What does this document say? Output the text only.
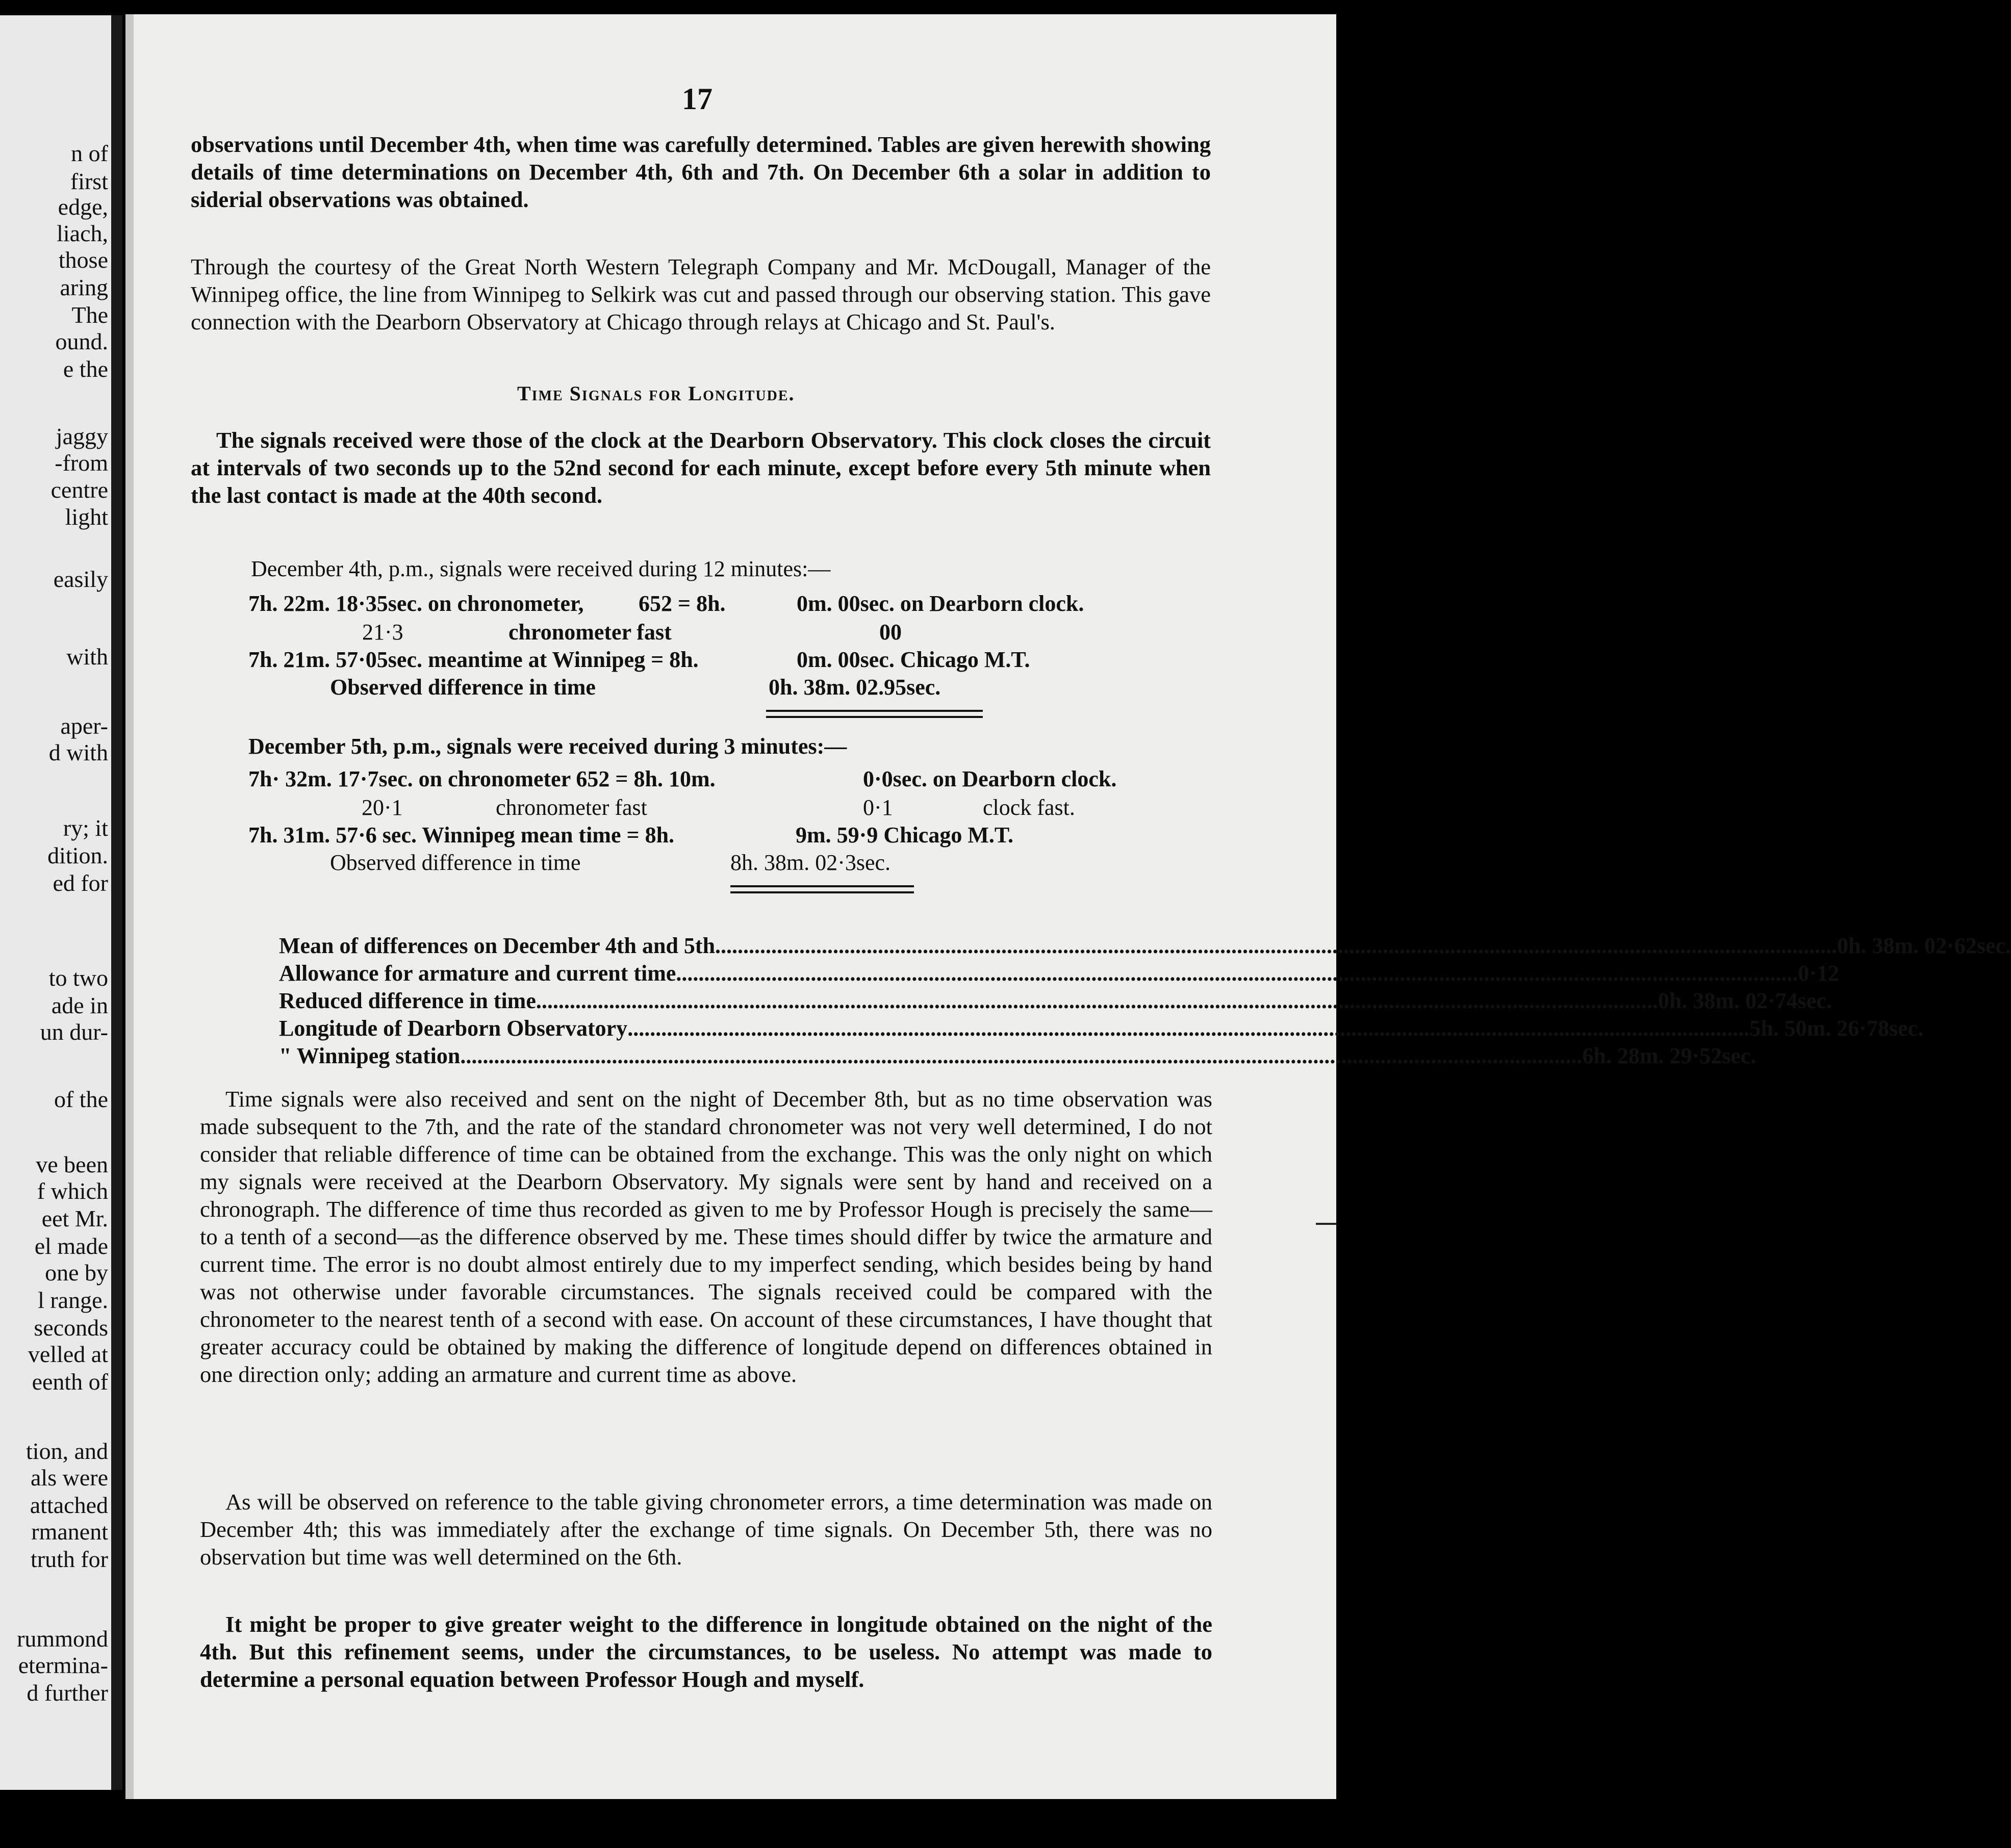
n of
first
edge,
liach,
those
aring
The
ound.
e the
jaggy
-from
centre
light
easily
with
aper-
d with
ry; it
dition.
ed for
to two
ade in
un dur-
of the
ve been
f which
eet Mr.
el made
one by
l range.
seconds
velled at
eenth of
tion, and
als were
attached
rmanent
truth for
rummond
etermina-
d further
17

observations until December 4th, when time was carefully determined. Tables are given herewith showing details of time determinations on December 4th, 6th and 7th. On December 6th a solar in addition to siderial observations was obtained.

Through the courtesy of the Great North Western Telegraph Company and Mr. McDougall, Manager of the Winnipeg office, the line from Winnipeg to Selkirk was cut and passed through our observing station. This gave connection with the Dearborn Observatory at Chicago through relays at Chicago and St. Paul's.

Time Signals for Longitude.

The signals received were those of the clock at the Dearborn Observatory. This clock closes the circuit at intervals of two seconds up to the 52nd second for each minute, except before every 5th minute when the last contact is made at the 40th second.

December 4th, p.m., signals were received during 12 minutes:—
7h. 22m. 18·35sec. on chronometer, 652 = 8h.	0m. 00sec. on Dearborn clock.
21·3	chronometer fast	00
7h. 21m. 57·05sec. meantime at Winnipeg = 8h.	0m. 00sec. Chicago M.T.
Observed difference in time	0h. 38m. 02.95sec.
December 5th, p.m., signals were received during 3 minutes:—
7h· 32m. 17·7sec. on chronometer 652 = 8h. 10m.	0·0sec. on Dearborn clock.
20·1	chronometer fast	0·1	clock fast.
7h. 31m. 57·6 sec. Winnipeg mean time = 8h.	9m. 59·9 Chicago M.T.
Observed difference in time	8h. 38m. 02·3sec.
Mean of differences on December 4th and 5th ........................................................................................................................................................................................................ 0h. 38m. 02·62sec.
Allowance for armature and current time ........................................................................................................................................................................................................ 0·12
Reduced difference in time ........................................................................................................................................................................................................ 0h. 38m. 02·74sec.
Longitude of Dearborn Observatory ........................................................................................................................................................................................................ 5h. 50m. 26·78sec.
" Winnipeg station ........................................................................................................................................................................................................ 6h. 28m. 29·52sec.

Time signals were also received and sent on the night of December 8th, but as no time observation was made subsequent to the 7th, and the rate of the standard chronometer was not very well determined, I do not consider that reliable difference of time can be obtained from the exchange. This was the only night on which my signals were received at the Dearborn Observatory. My signals were sent by hand and received on a chronograph. The difference of time thus recorded as given to me by Professor Hough is precisely the same—to a tenth of a second—as the difference observed by me. These times should differ by twice the armature and current time. The error is no doubt almost entirely due to my imperfect sending, which besides being by hand was not otherwise under favorable circumstances. The signals received could be compared with the chronometer to the nearest tenth of a second with ease. On account of these circumstances, I have thought that greater accuracy could be obtained by making the difference of longitude depend on differences obtained in one direction only; adding an armature and current time as above.

As will be observed on reference to the table giving chronometer errors, a time determination was made on December 4th; this was immediately after the exchange of time signals. On December 5th, there was no observation but time was well determined on the 6th.

It might be proper to give greater weight to the difference in longitude obtained on the night of the 4th. But this refinement seems, under the circumstances, to be useless. No attempt was made to determine a personal equation between Professor Hough and myself.
